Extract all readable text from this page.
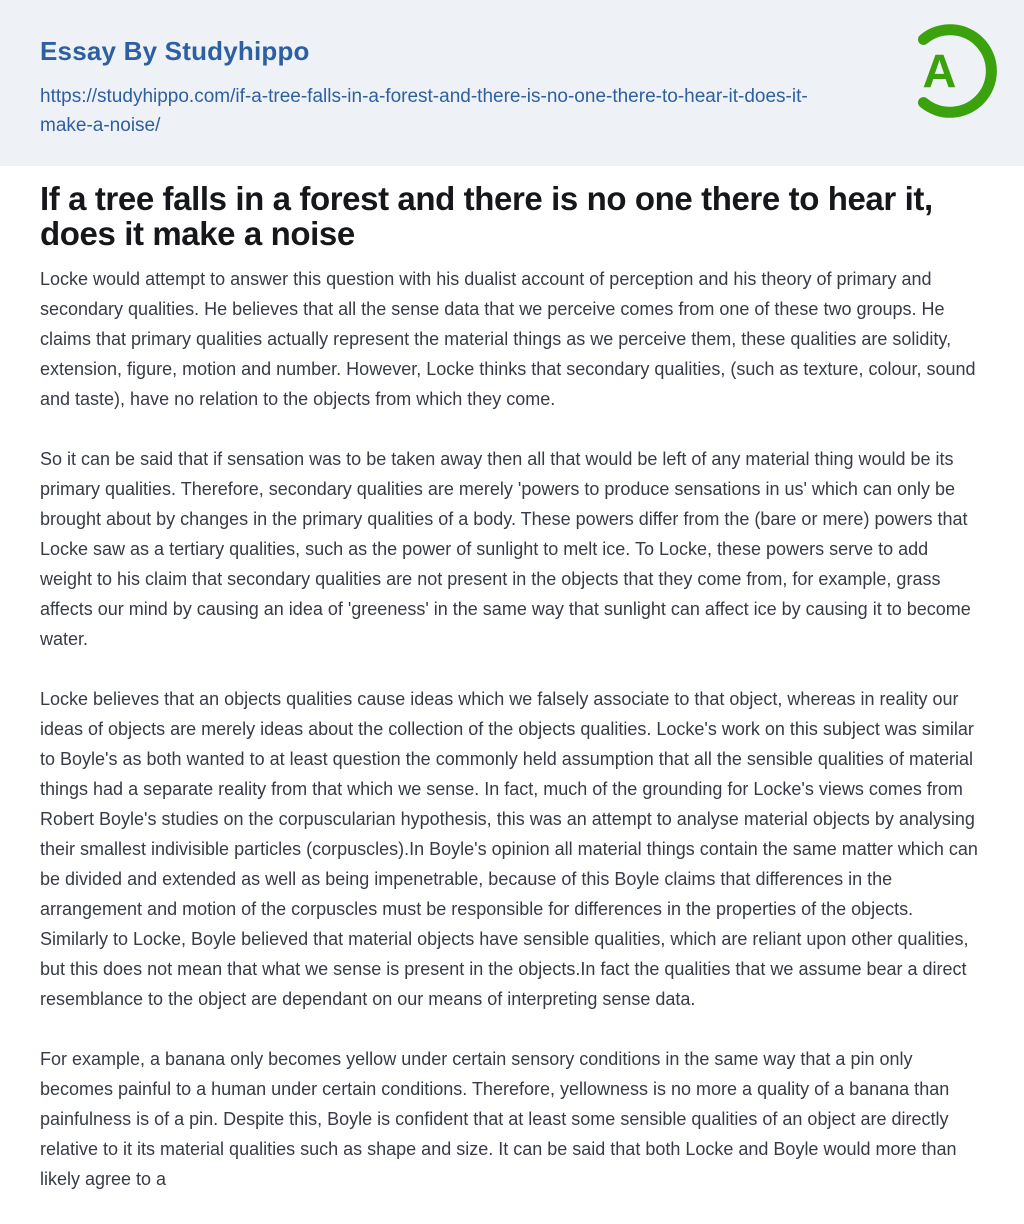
Essay By Studyhippo
https://studyhippo.com/if-a-tree-falls-in-a-forest-and-there-is-no-one-there-to-hear-it-does-it-make-a-noise/
A
If a tree falls in a forest and there is no one there to hear it, does it make a noise

Locke would attempt to answer this question with his dualist account of perception and his theory of primary and secondary qualities. He believes that all the sense data that we perceive comes from one of these two groups. He claims that primary qualities actually represent the material things as we perceive them, these qualities are solidity, extension, figure, motion and number. However, Locke thinks that secondary qualities, (such as texture, colour, sound and taste), have no relation to the objects from which they come.

So it can be said that if sensation was to be taken away then all that would be left of any material thing would be its primary qualities. Therefore, secondary qualities are merely 'powers to produce sensations in us' which can only be brought about by changes in the primary qualities of a body. These powers differ from the (bare or mere) powers that Locke saw as a tertiary qualities, such as the power of sunlight to melt ice. To Locke, these powers serve to add weight to his claim that secondary qualities are not present in the objects that they come from, for example, grass affects our mind by causing an idea of 'greeness' in the same way that sunlight can affect ice by causing it to become water.

Locke believes that an objects qualities cause ideas which we falsely associate to that object, whereas in reality our ideas of objects are merely ideas about the collection of the objects qualities. Locke's work on this subject was similar to Boyle's as both wanted to at least question the commonly held assumption that all the sensible qualities of material things had a separate reality from that which we sense. In fact, much of the grounding for Locke's views comes from Robert Boyle's studies on the corpuscularian hypothesis, this was an attempt to analyse material objects by analysing their smallest indivisible particles (corpuscles).In Boyle's opinion all material things contain the same matter which can be divided and extended as well as being impenetrable, because of this Boyle claims that differences in the arrangement and motion of the corpuscles must be responsible for differences in the properties of the objects. Similarly to Locke, Boyle believed that material objects have sensible qualities, which are reliant upon other qualities, but this does not mean that what we sense is present in the objects.In fact the qualities that we assume bear a direct resemblance to the object are dependant on our means of interpreting sense data.

For example, a banana only becomes yellow under certain sensory conditions in the same way that a pin only becomes painful to a human under certain conditions. Therefore, yellowness is no more a quality of a banana than painfulness is of a pin. Despite this, Boyle is confident that at least some sensible qualities of an object are directly relative to it its material qualities such as shape and size. It can be said that both Locke and Boyle would more than likely agree to a
